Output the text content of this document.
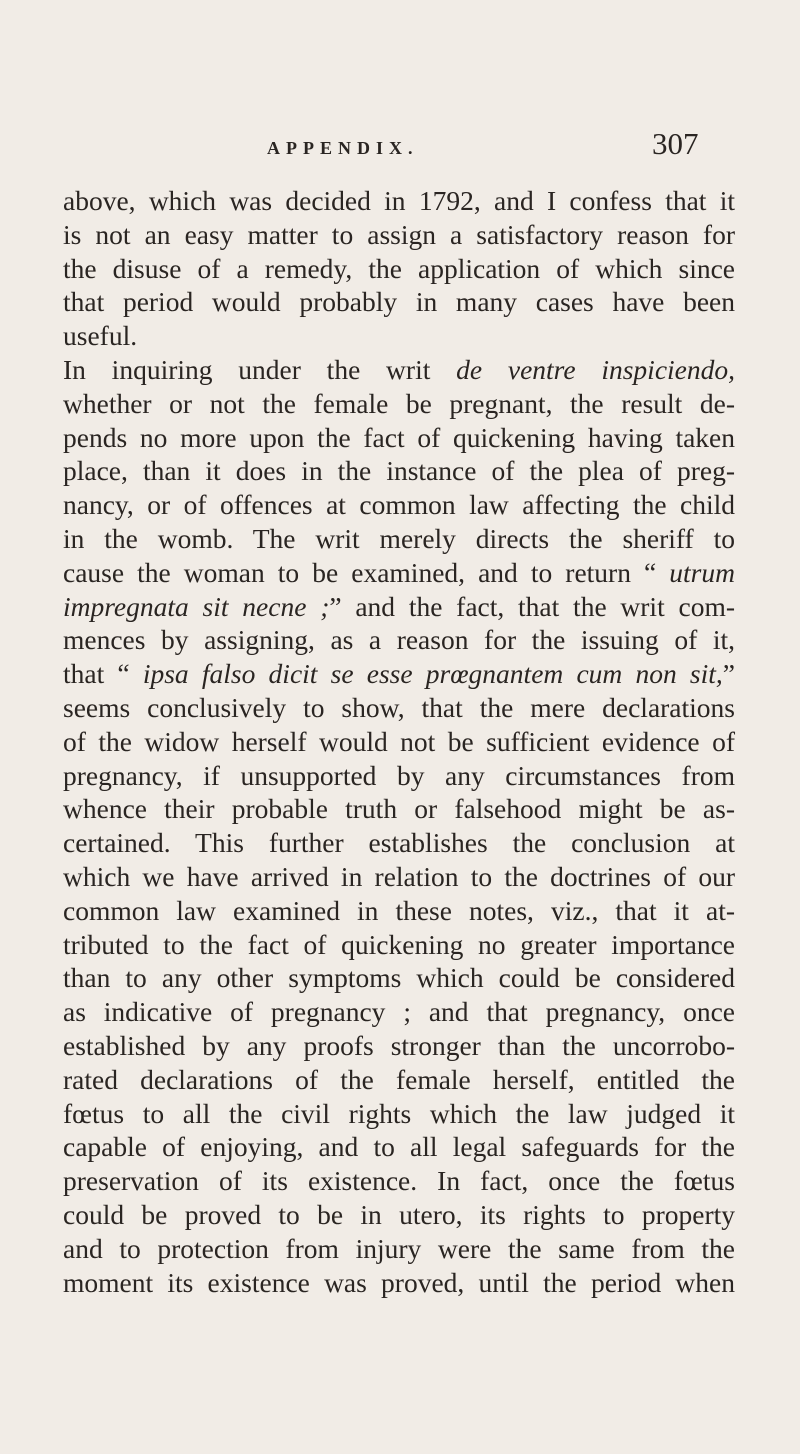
APPENDIX.	307
above, which was decided in 1792, and I confess that it
is not an easy matter to assign a satisfactory reason for
the disuse of a remedy, the application of which since
that period would probably in many cases have been
useful.
In inquiring under the writ de ventre inspiciendo,
whether or not the female be pregnant, the result de-
pends no more upon the fact of quickening having taken
place, than it does in the instance of the plea of preg-
nancy, or of offences at common law affecting the child
in the womb. The writ merely directs the sheriff to
cause the woman to be examined, and to return “ utrum
impregnata sit necne ;” and the fact, that the writ com-
mences by assigning, as a reason for the issuing of it,
that “ ipsa falso dicit se esse prœgnantem cum non sit,”
seems conclusively to show, that the mere declarations
of the widow herself would not be sufficient evidence of
pregnancy, if unsupported by any circumstances from
whence their probable truth or falsehood might be as-
certained. This further establishes the conclusion at
which we have arrived in relation to the doctrines of our
common law examined in these notes, viz., that it at-
tributed to the fact of quickening no greater importance
than to any other symptoms which could be considered
as indicative of pregnancy ; and that pregnancy, once
established by any proofs stronger than the uncorrobo-
rated declarations of the female herself, entitled the
fœtus to all the civil rights which the law judged it
capable of enjoying, and to all legal safeguards for the
preservation of its existence. In fact, once the fœtus
could be proved to be in utero, its rights to property
and to protection from injury were the same from the
moment its existence was proved, until the period when
